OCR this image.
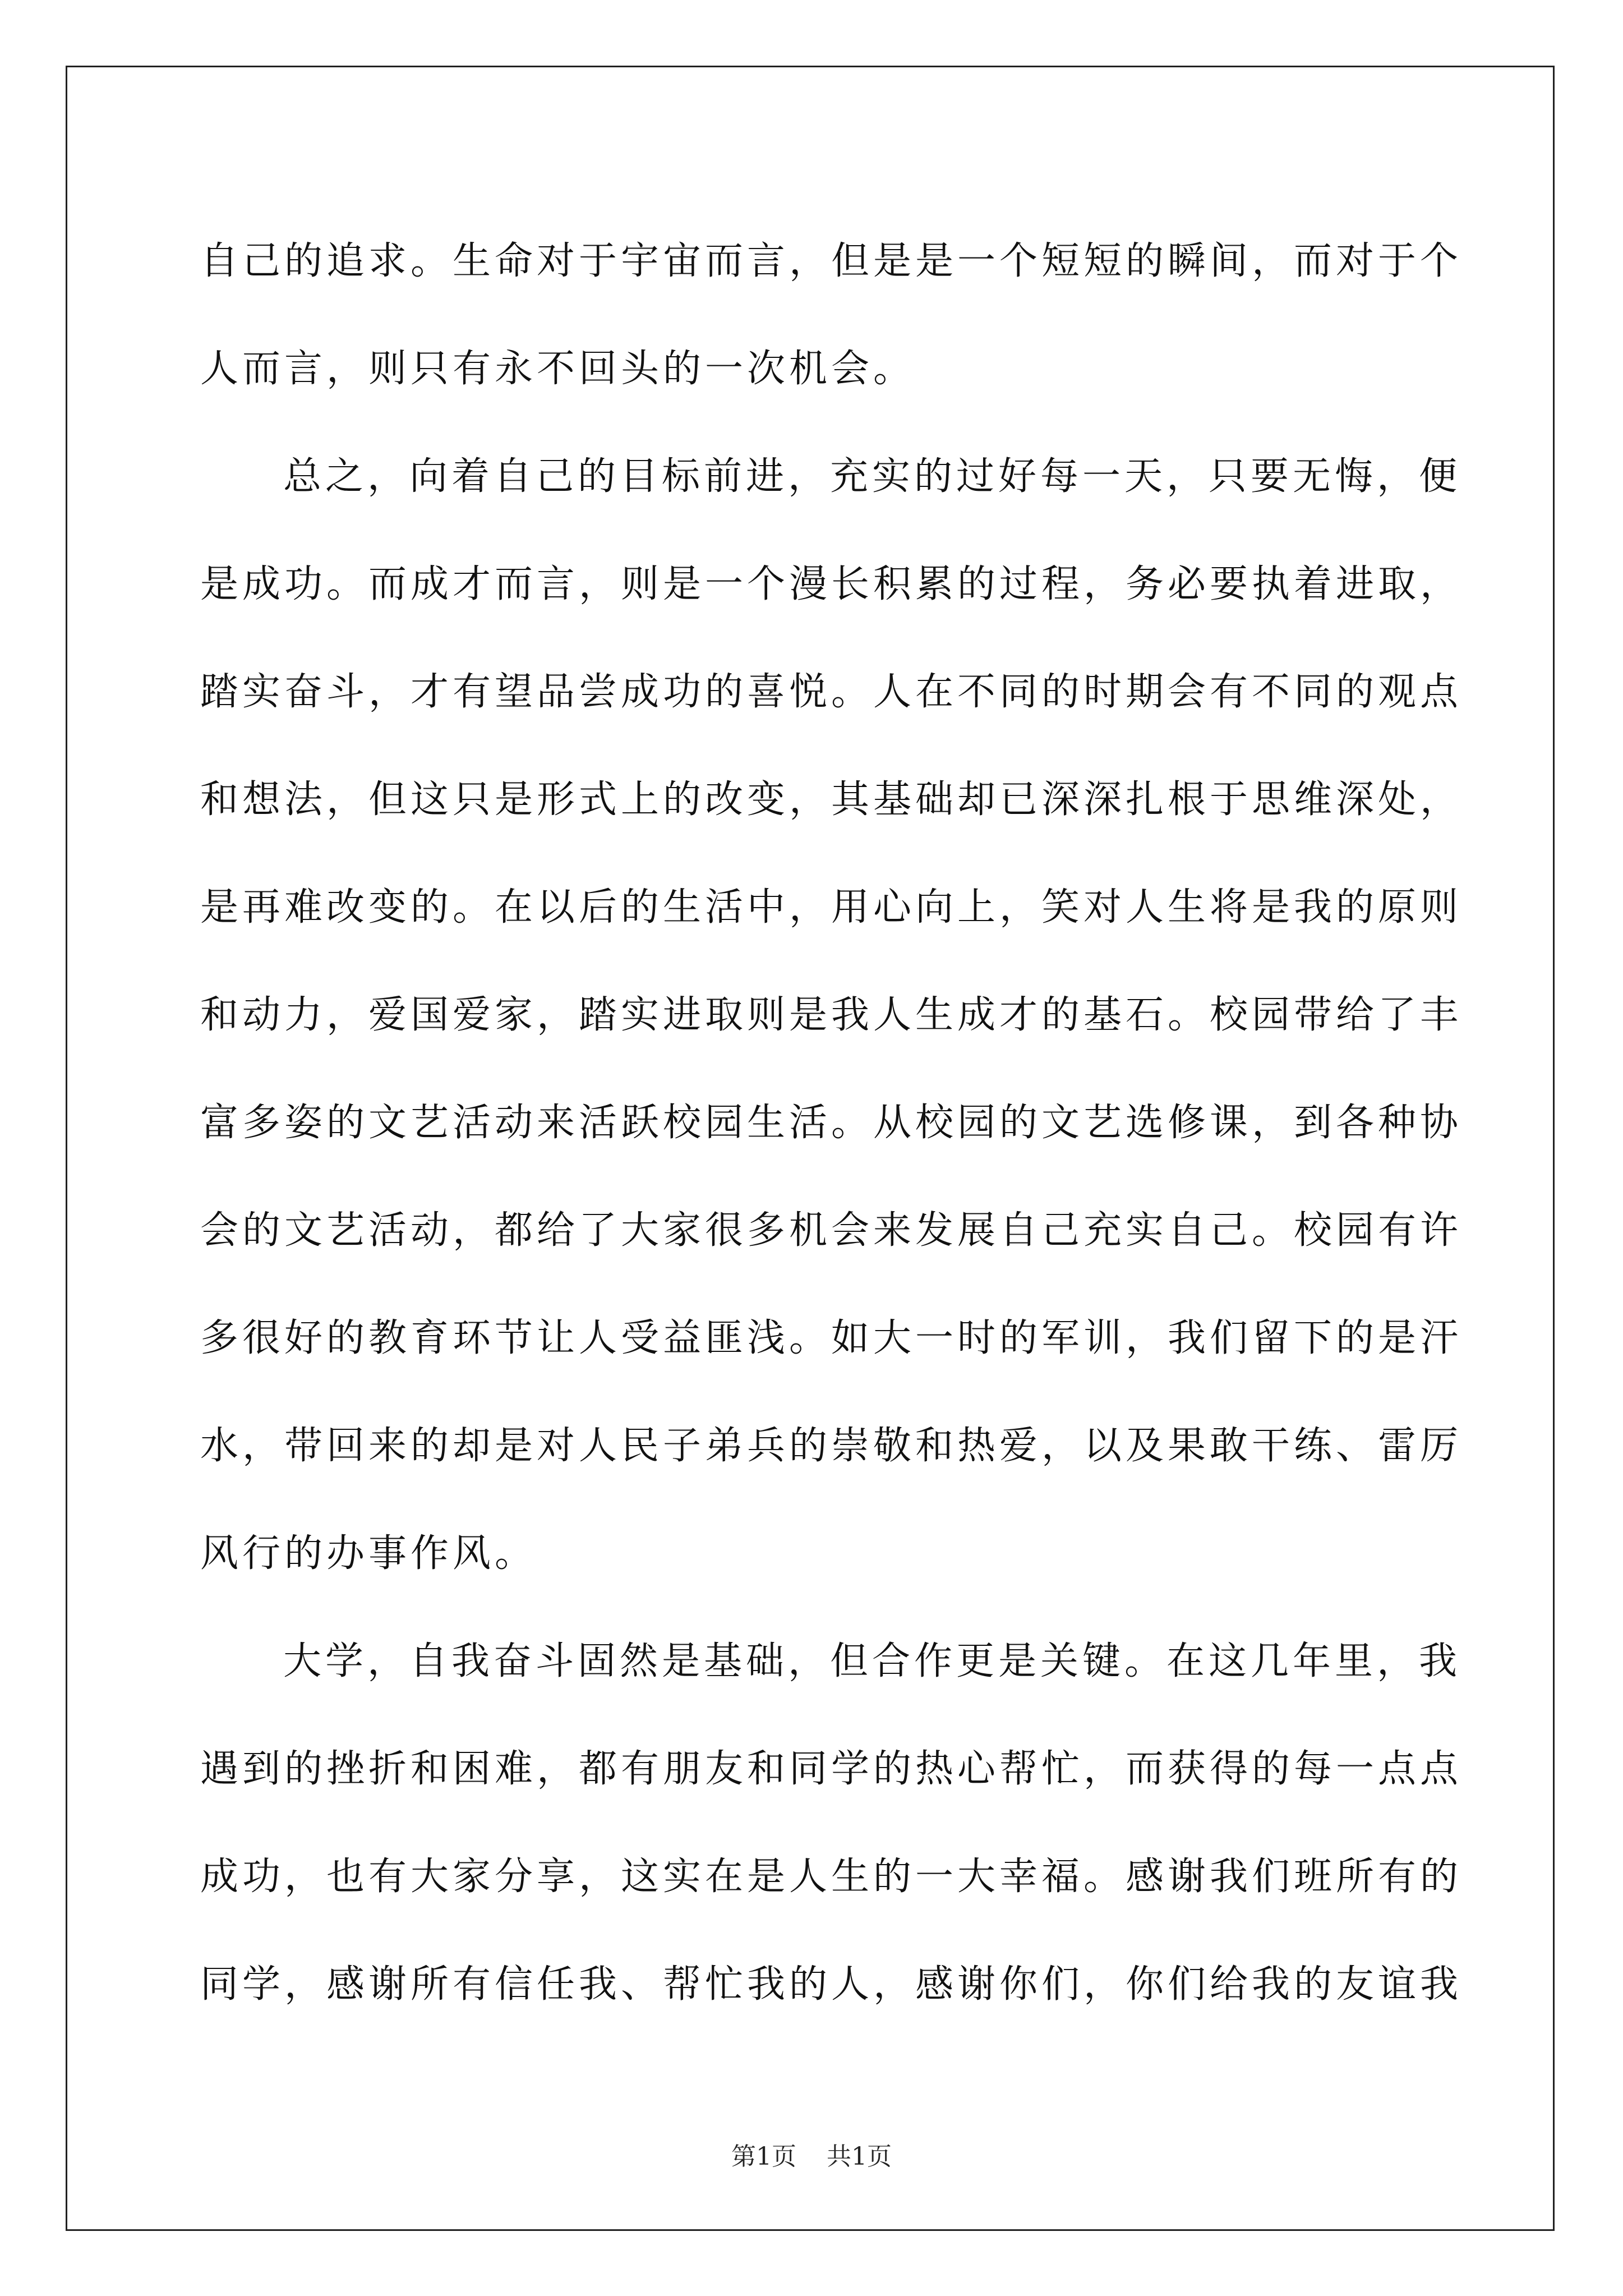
自己的追求。生命对于宇宙而言，但是是一个短短的瞬间，而对于个
人而言，则只有永不回头的一次机会。
总之，向着自己的目标前进，充实的过好每一天，只要无悔，便
是成功。而成才而言，则是一个漫长积累的过程，务必要执着进取，
踏实奋斗，才有望品尝成功的喜悦。人在不同的时期会有不同的观点
和想法，但这只是形式上的改变，其基础却已深深扎根于思维深处，
是再难改变的。在以后的生活中，用心向上，笑对人生将是我的原则
和动力，爱国爱家，踏实进取则是我人生成才的基石。校园带给了丰
富多姿的文艺活动来活跃校园生活。从校园的文艺选修课，到各种协
会的文艺活动，都给了大家很多机会来发展自己充实自己。校园有许
多很好的教育环节让人受益匪浅。如大一时的军训，我们留下的是汗
水，带回来的却是对人民子弟兵的崇敬和热爱，以及果敢干练、雷厉
风行的办事作风。
大学，自我奋斗固然是基础，但合作更是关键。在这几年里，我
遇到的挫折和困难，都有朋友和同学的热心帮忙，而获得的每一点点
成功，也有大家分享，这实在是人生的一大幸福。感谢我们班所有的
同学，感谢所有信任我、帮忙我的人，感谢你们，你们给我的友谊我
第1页 共1页
